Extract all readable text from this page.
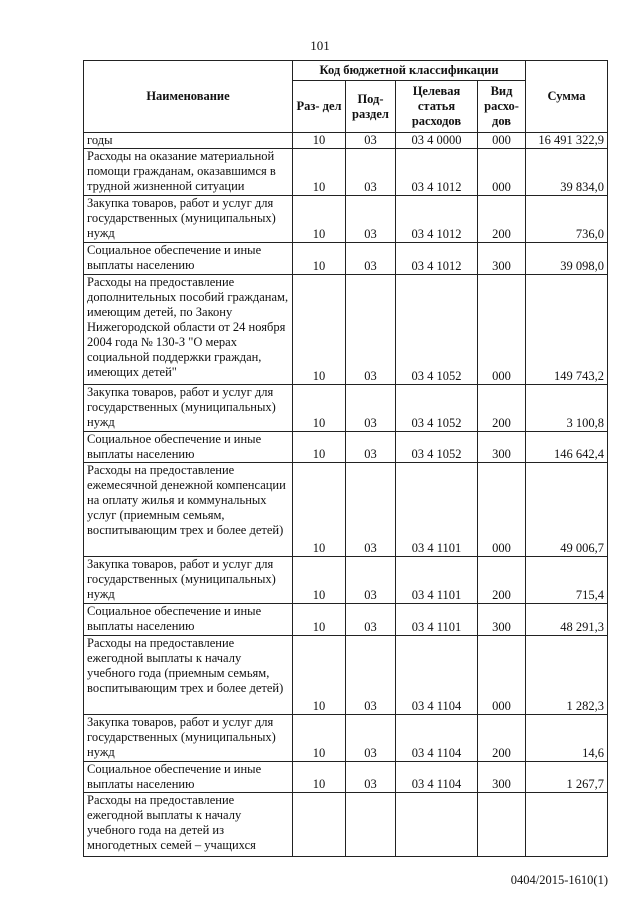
101
Наименование	Код бюджетной классификации				Сумма
	Раз- дел	Под- раздел	Целевая статья расходов	Вид расхо- дов	
годы	10	03	03 4 0000	000	16 491 322,9
Расходы на оказание материальной помощи гражданам, оказавшимся в трудной жизненной ситуации	10	03	03 4 1012	000	39 834,0
Закупка товаров, работ и услуг для государственных (муниципальных) нужд	10	03	03 4 1012	200	736,0
Социальное обеспечение и иные выплаты населению	10	03	03 4 1012	300	39 098,0
Расходы на предоставление дополнительных пособий гражданам, имеющим детей, по Закону Нижегородской области от 24 ноября 2004 года № 130-З "О мерах социальной поддержки граждан, имеющих детей"	10	03	03 4 1052	000	149 743,2
Закупка товаров, работ и услуг для государственных (муниципальных) нужд	10	03	03 4 1052	200	3 100,8
Социальное обеспечение и иные выплаты населению	10	03	03 4 1052	300	146 642,4
Расходы на предоставление ежемесячной денежной компенсации на оплату жилья и коммунальных услуг (приемным семьям, воспитывающим трех и более детей)	10	03	03 4 1101	000	49 006,7
Закупка товаров, работ и услуг для государственных (муниципальных) нужд	10	03	03 4 1101	200	715,4
Социальное обеспечение и иные выплаты населению	10	03	03 4 1101	300	48 291,3
Расходы на предоставление ежегодной выплаты к началу учебного года (приемным семьям, воспитывающим трех и более детей)	10	03	03 4 1104	000	1 282,3
Закупка товаров, работ и услуг для государственных (муниципальных) нужд	10	03	03 4 1104	200	14,6
Социальное обеспечение и иные выплаты населению	10	03	03 4 1104	300	1 267,7
Расходы на предоставление ежегодной выплаты к началу учебного года на детей из многодетных семей – учащихся					
0404/2015-1610(1)
